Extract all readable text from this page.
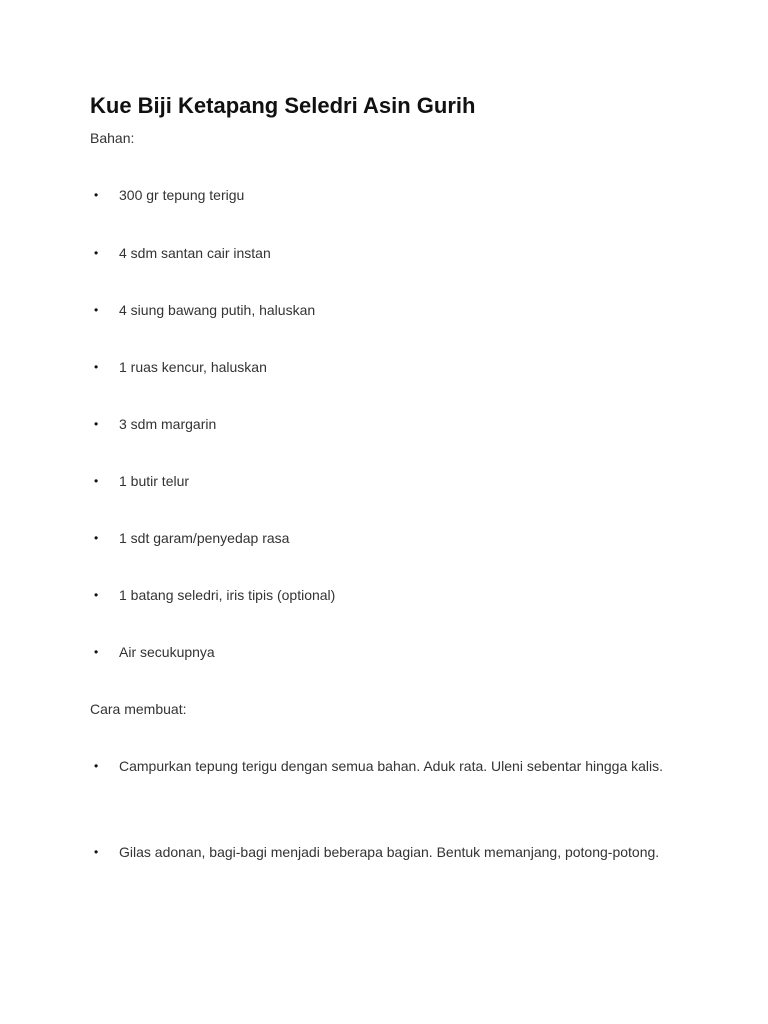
Kue Biji Ketapang Seledri Asin Gurih

Bahan:

•	300 gr tepung terigu
•	4 sdm santan cair instan
•	4 siung bawang putih, haluskan
•	1 ruas kencur, haluskan
•	3 sdm margarin
•	1 butir telur
•	1 sdt garam/penyedap rasa
•	1 batang seledri, iris tipis (optional)
•	Air secukupnya

Cara membuat:

•	Campurkan tepung terigu dengan semua bahan. Aduk rata. Uleni sebentar hingga kalis.
•	Gilas adonan, bagi-bagi menjadi beberapa bagian. Bentuk memanjang, potong-potong.
